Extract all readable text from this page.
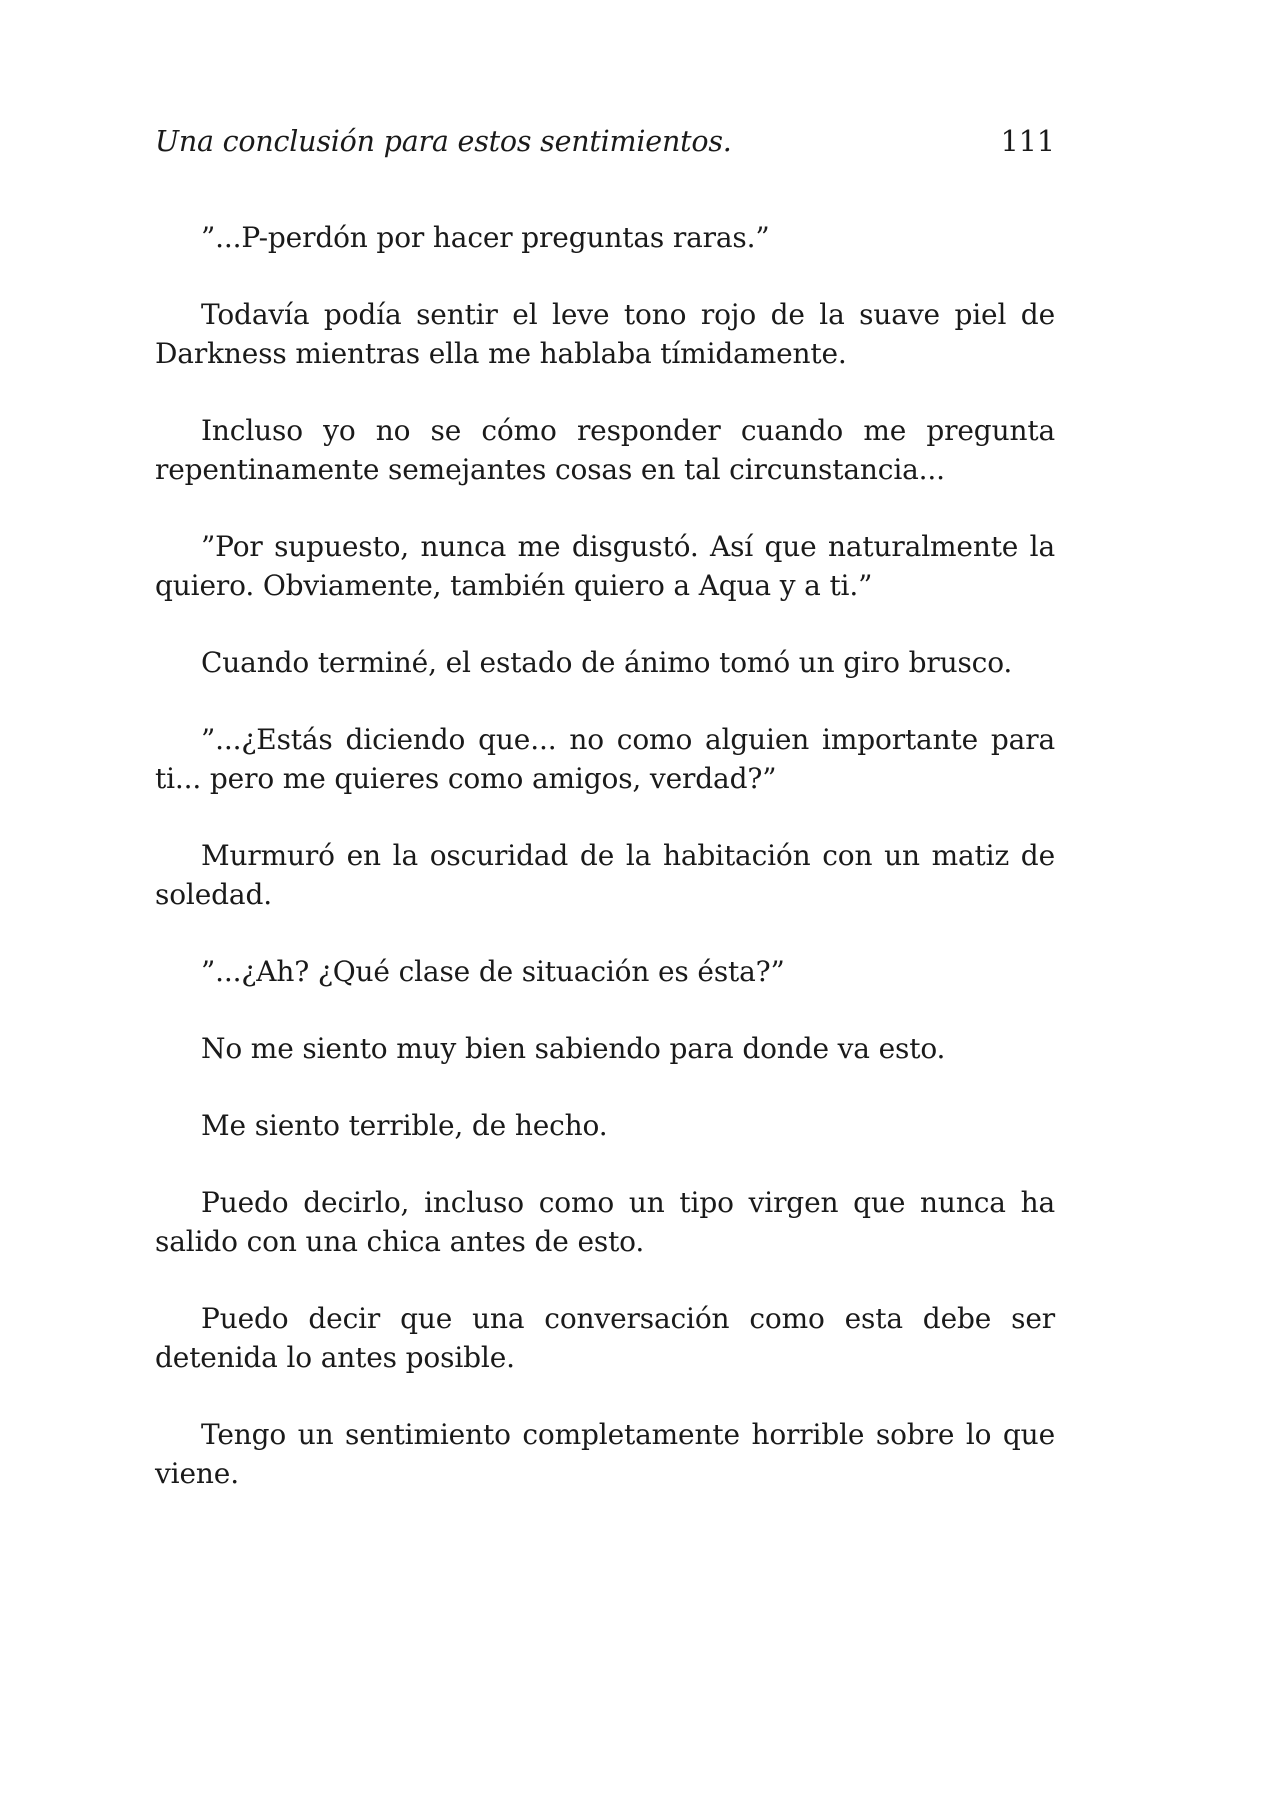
Una conclusión para estos sentimientos.	111

”...P-perdón por hacer preguntas raras.”

Todavía podía sentir el leve tono rojo de la suave piel de Darkness mientras ella me hablaba tímidamente.

Incluso yo no se cómo responder cuando me pregunta repentinamente semejantes cosas en tal circunstancia...

”Por supuesto, nunca me disgustó. Así que naturalmente la quiero. Obviamente, también quiero a Aqua y a ti.”

Cuando terminé, el estado de ánimo tomó un giro brusco.

”...¿Estás diciendo que... no como alguien importante para ti... pero me quieres como amigos, verdad?”

Murmuró en la oscuridad de la habitación con un matiz de soledad.

”...¿Ah? ¿Qué clase de situación es ésta?”

No me siento muy bien sabiendo para donde va esto.

Me siento terrible, de hecho.

Puedo decirlo, incluso como un tipo virgen que nunca ha salido con una chica antes de esto.

Puedo decir que una conversación como esta debe ser detenida lo antes posible.

Tengo un sentimiento completamente horrible sobre lo que viene.
